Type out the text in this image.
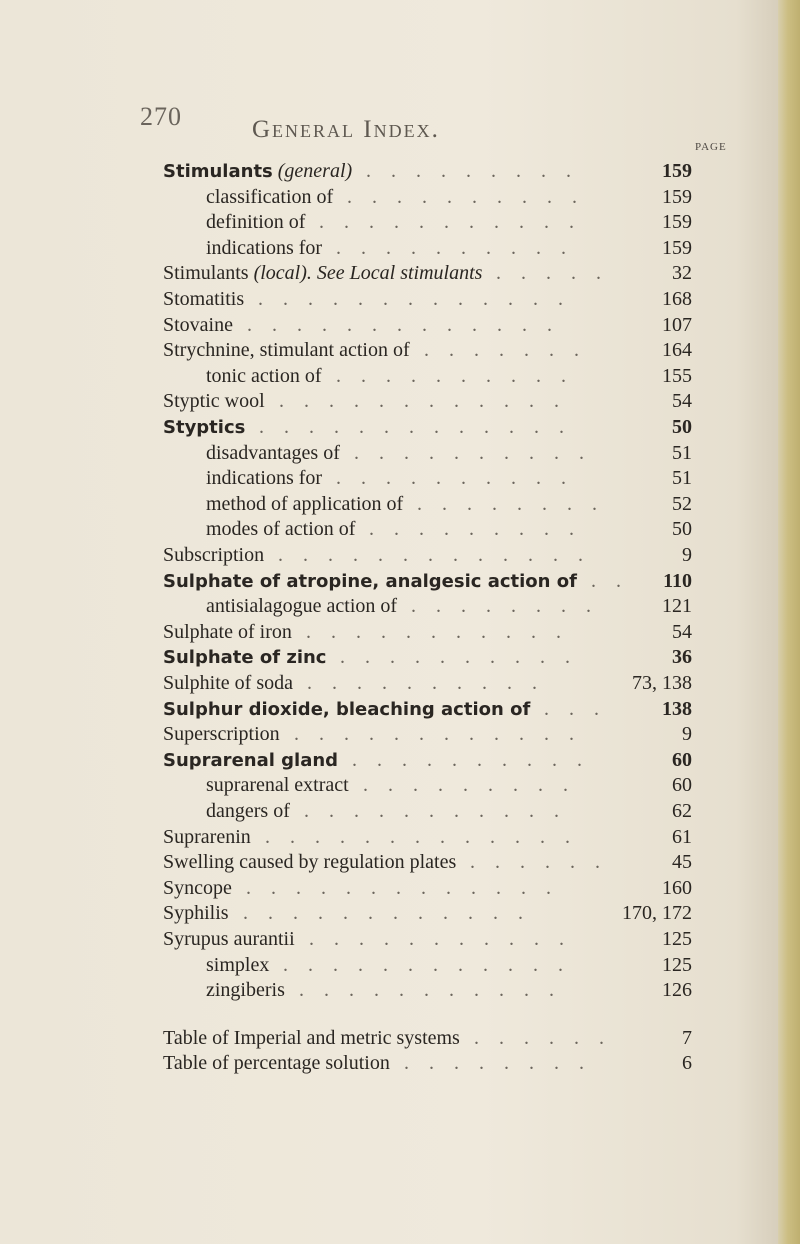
270	General Index.
PAGE
Stimulants (general)	159
.    .    .    .    .    .    .    .    .
classification of	159
.    .    .    .    .    .    .    .    .    .
definition of	159
.    .    .    .    .    .    .    .    .    .    .
indications for	159
.    .    .    .    .    .    .    .    .    .
Stimulants (local). See Local stimulants	32
.    .    .    .    .
Stomatitis	168
.    .    .    .    .    .    .    .    .    .    .    .    .
Stovaine	107
.    .    .    .    .    .    .    .    .    .    .    .    .
Strychnine, stimulant action of	164
.    .    .    .    .    .    .
tonic action of	155
.    .    .    .    .    .    .    .    .    .
Styptic wool	54
.    .    .    .    .    .    .    .    .    .    .    .
Styptics	50
.    .    .    .    .    .    .    .    .    .    .    .    .
disadvantages of	51
.    .    .    .    .    .    .    .    .    .
indications for	51
.    .    .    .    .    .    .    .    .    .
method of application of	52
.    .    .    .    .    .    .    .
modes of action of	50
.    .    .    .    .    .    .    .    .
Subscription	9
.    .    .    .    .    .    .    .    .    .    .    .    .
Sulphate of atropine, analgesic action of	110
.    .
antisialagogue action of	121
.    .    .    .    .    .    .    .
Sulphate of iron	54
.    .    .    .    .    .    .    .    .    .    .
Sulphate of zinc	36
.    .    .    .    .    .    .    .    .    .
Sulphite of soda	73, 138
.    .    .    .    .    .    .    .    .    .
Sulphur dioxide, bleaching action of	138
.    .    .
Superscription	9
.    .    .    .    .    .    .    .    .    .    .    .
Suprarenal gland	60
.    .    .    .    .    .    .    .    .    .
suprarenal extract	60
.    .    .    .    .    .    .    .    .
dangers of	62
.    .    .    .    .    .    .    .    .    .    .
Suprarenin	61
.    .    .    .    .    .    .    .    .    .    .    .    .
Swelling caused by regulation plates	45
.    .    .    .    .    .
Syncope	160
.    .    .    .    .    .    .    .    .    .    .    .    .
Syphilis	170, 172
.    .    .    .    .    .    .    .    .    .    .    .
Syrupus aurantii	125
.    .    .    .    .    .    .    .    .    .    .
simplex	125
.    .    .    .    .    .    .    .    .    .    .    .
zingiberis	126
.    .    .    .    .    .    .    .    .    .    .
Table of Imperial and metric systems	7
.    .    .    .    .    .
Table of percentage solution	6
.    .    .    .    .    .    .    .
